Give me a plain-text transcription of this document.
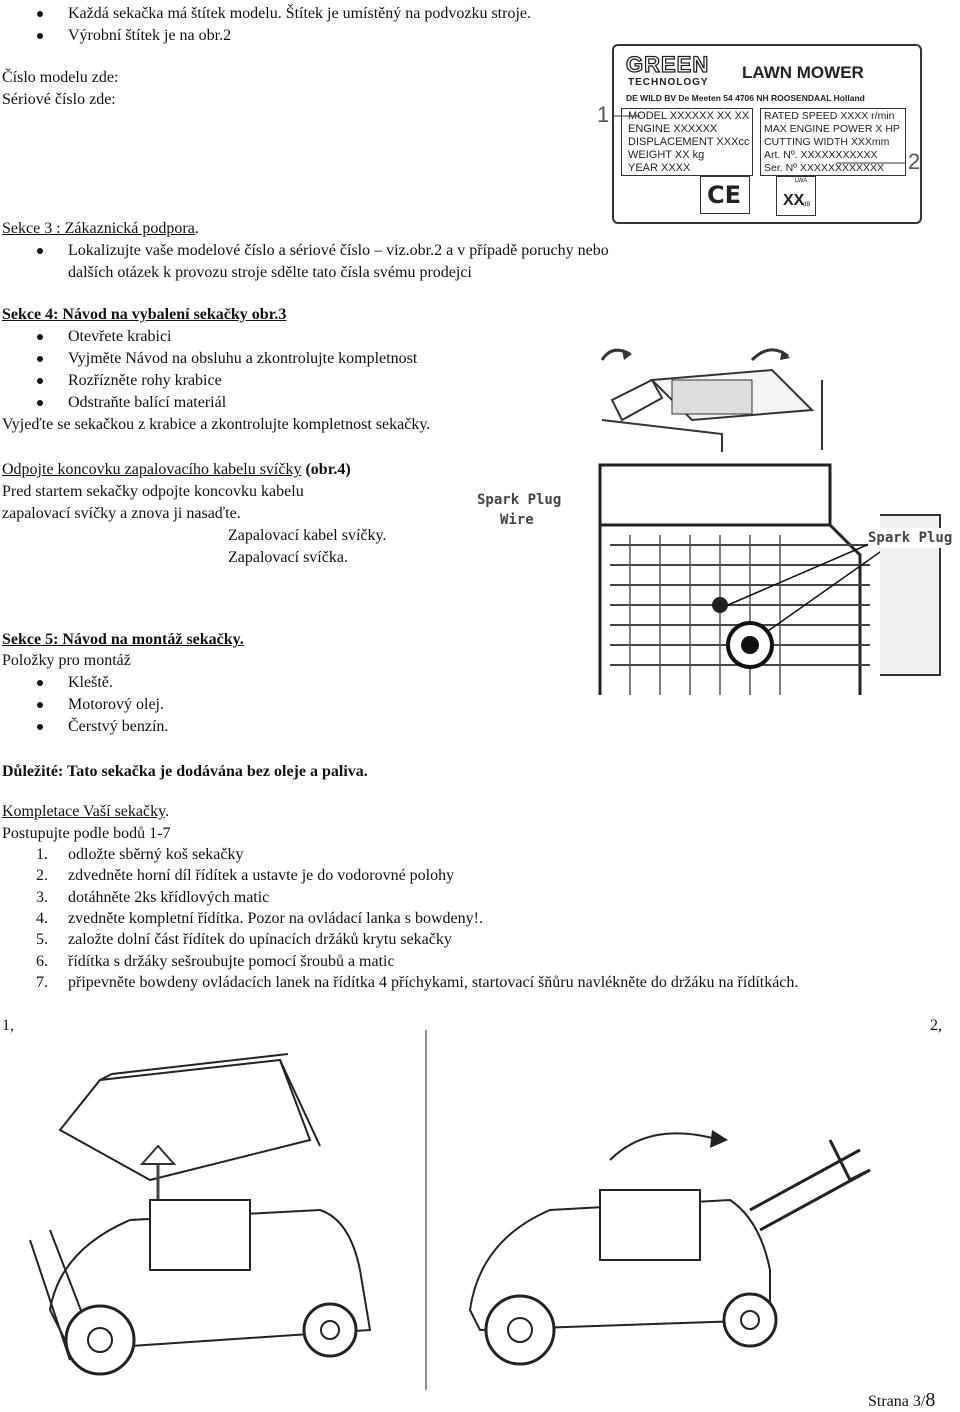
Každá sekačka má štítek modelu. Štítek je umístěný na podvozku stroje.
Výrobní štítek je na obr.2
Číslo modelu zde:
Sériové číslo zde:
GREEN
TECHNOLOGY
LAWN MOWER
DE WILD BV De Meeten 54 4706 NH ROOSENDAAL Holland
MODEL XXXXXX XX XX
ENGINE XXXXXX
DISPLACEMENT XXXcc
WEIGHT XX kg
YEAR XXXX
RATED SPEED XXXX r/min
MAX ENGINE POWER X HP
CUTTING WIDTH XXXmm
Art. Nº. XXXXXXXXXXX
Ser. Nº XXXXXXXXXXXX
CE	LWA
XX
dB
1
2
Sekce 3 : Zákaznická podpora.
Lokalizujte vaše modelové číslo a sériové číslo – viz.obr.2 a v případě poruchy nebo
dalších otázek k provozu stroje sdělte tato čísla svému prodejci
Sekce 4: Návod na vybalení sekačky obr.3
Otevřete krabici
Vyjměte Návod na obsluhu a zkontrolujte kompletnost
Rozřízněte rohy krabice
Odstraňte balící materiál
Vyjeďte se sekačkou z krabice a zkontrolujte kompletnost sekačky.
Odpojte koncovku zapalovacího kabelu svíčky (obr.4)
Pred startem sekačky odpojte koncovku kabelu
zapalovací svíčky a znova ji nasaďte.
Zapalovací kabel svíčky.
Zapalovací svíčka.
Spark Plug
Wire
Spark Plug
Sekce 5: Návod na montáž sekačky.
Položky pro montáž
Kleště.
Motorový olej.
Čerstvý benzín.
Důležité: Tato sekačka je dodávána bez oleje a paliva.
Kompletace Vaší sekačky.
Postupujte podle bodů 1-7
1. odložte sběrný koš sekačky
2. zdvedněte horní díl řídítek a ustavte je do vodorovné polohy
3. dotáhněte 2ks křídlových matic
4. zvedněte kompletní řídítka. Pozor na ovládací lanka s bowdeny!.
5. založte dolní část řídítek do upínacích držáků krytu sekačky
6. řídítka s držáky sešroubujte pomocí šroubů a matic
7. připevněte bowdeny ovládacích lanek na řídítka 4 příchykami, startovací šňůru navlékněte do držáku na řídítkách.
1,	2,
Strana 3/8
